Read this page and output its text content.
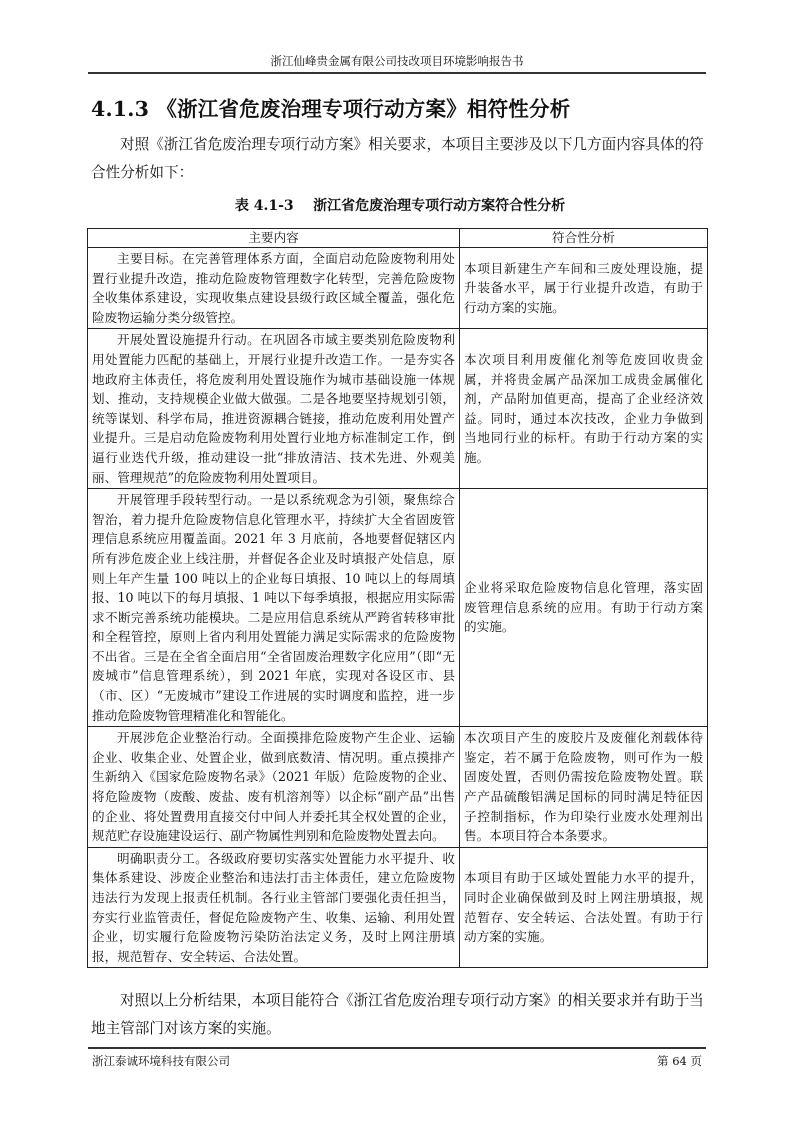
浙江仙峰贵金属有限公司技改项目环境影响报告书
4.1.3 《浙江省危废治理专项行动方案》相符性分析

对照《浙江省危废治理专项行动方案》相关要求，本项目主要涉及以下几方面内容具体的符合性分析如下：

表 4.1-3    浙江省危废治理专项行动方案符合性分析
主要内容	符合性分析
主要目标。在完善管理体系方面，全面启动危险废物利用处置行业提升改造，推动危险废物管理数字化转型，完善危险废物全收集体系建设，实现收集点建设县级行政区域全覆盖，强化危险废物运输分类分级管控。	本项目新建生产车间和三废处理设施，提升装备水平，属于行业提升改造，有助于行动方案的实施。
开展处置设施提升行动。在巩固各市域主要类别危险废物利用处置能力匹配的基础上，开展行业提升改造工作。一是夯实各地政府主体责任，将危废利用处置设施作为城市基础设施一体规划、推动，支持规模企业做大做强。二是各地要坚持规划引领，统等谋划、科学布局，推进资源耦合链接，推动危废利用处置产业提升。三是启动危险废物利用处置行业地方标准制定工作，倒逼行业迭代升级，推动建设一批“排放清洁、技术先进、外观美丽、管理规范”的危险废物利用处置项目。	本次项目利用废催化剂等危废回收贵金属，并将贵金属产品深加工成贵金属催化剂，产品附加值更高，提高了企业经济效益。同时，通过本次技改，企业力争做到当地同行业的标杆。有助于行动方案的实施。
开展管理手段转型行动。一是以系统观念为引领，聚焦综合智治，着力提升危险废物信息化管理水平，持续扩大全省固废管理信息系统应用覆盖面。2021 年 3 月底前，各地要督促辖区内所有涉危废企业上线注册，并督促各企业及时填报产处信息，原则上年产生量 100 吨以上的企业每日填报、10 吨以上的每周填报、10 吨以下的每月填报、1 吨以下每季填报，根据应用实际需求不断完善系统功能模块。二是应用信息系统从严跨省转移审批和全程管控，原则上省内利用处置能力满足实际需求的危险废物不出省。三是在全省全面启用“全省固废治理数字化应用”（即“无废城市”信息管理系统），到 2021 年底，实现对各设区市、县（市、区）“无废城市”建设工作进展的实时调度和监控，进一步推动危险废物管理精准化和智能化。	企业将采取危险废物信息化管理，落实固废管理信息系统的应用。有助于行动方案的实施。
开展涉危企业整治行动。全面摸排危险废物产生企业、运输企业、收集企业、处置企业，做到底数清、情况明。重点摸排产生新纳入《国家危险废物名录》（2021 年版）危险废物的企业、将危险废物（废酸、废盐、废有机溶剂等）以企标“副产品”出售的企业、将处置费用直接交付中间人并委托其全权处置的企业，规范贮存设施建设运行、副产物属性判别和危险废物处置去向。	本次项目产生的废胶片及废催化剂载体待鉴定，若不属于危险废物，则可作为一般固废处置，否则仍需按危险废物处置。联产产品硫酸铝满足国标的同时满足特征因子控制指标，作为印染行业废水处理剂出售。本项目符合本条要求。
明确职责分工。各级政府要切实落实处置能力水平提升、收集体系建设、涉废企业整治和违法打击主体责任，建立危险废物违法行为发现上报责任机制。各行业主管部门要强化责任担当，夯实行业监管责任，督促危险废物产生、收集、运输、利用处置企业，切实履行危险废物污染防治法定义务，及时上网注册填报，规范暂存、安全转运、合法处置。	本项目有助于区域处置能力水平的提升，同时企业确保做到及时上网注册填报，规范暂存、安全转运、合法处置。有助于行动方案的实施。

对照以上分析结果，本项目能符合《浙江省危废治理专项行动方案》的相关要求并有助于当地主管部门对该方案的实施。

浙江泰诚环境科技有限公司	第 64 页
